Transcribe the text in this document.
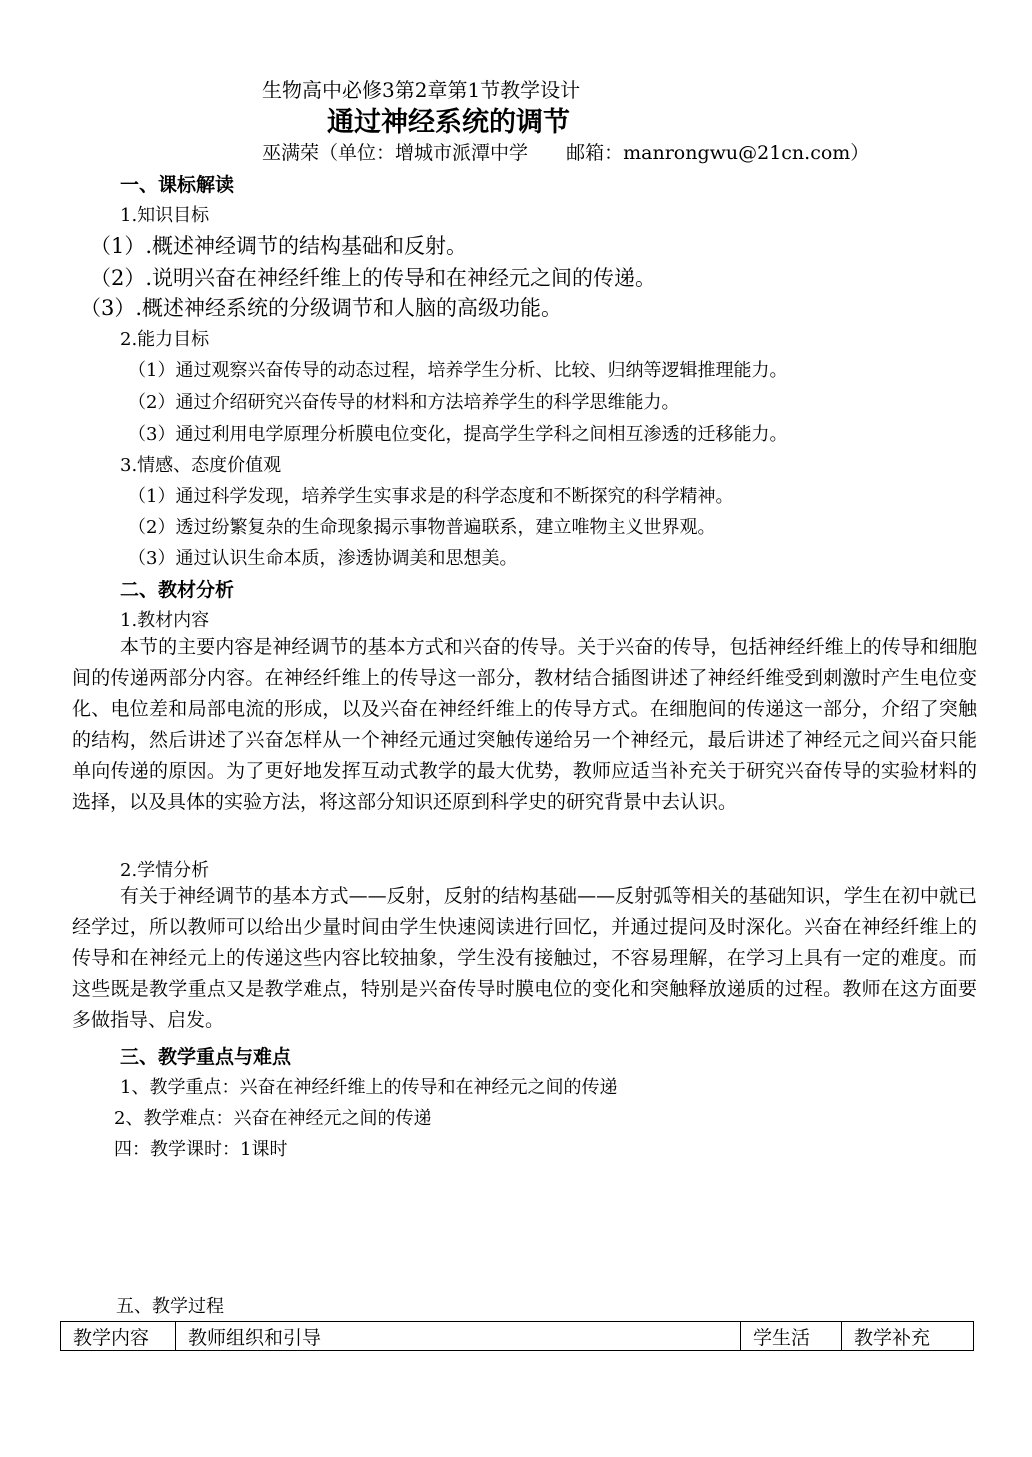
生物高中必修3第2章第1节教学设计
通过神经系统的调节
巫满荣（单位：增城市派潭中学 邮箱：manrongwu@21cn.com）
一、课标解读
1.知识目标
（1）.概述神经调节的结构基础和反射。
（2）.说明兴奋在神经纤维上的传导和在神经元之间的传递。
（3）.概述神经系统的分级调节和人脑的高级功能。
2.能力目标
（1）通过观察兴奋传导的动态过程，培养学生分析、比较、归纳等逻辑推理能力。
（2）通过介绍研究兴奋传导的材料和方法培养学生的科学思维能力。
（3）通过利用电学原理分析膜电位变化，提高学生学科之间相互渗透的迁移能力。
3.情感、态度价值观
（1）通过科学发现，培养学生实事求是的科学态度和不断探究的科学精神。
（2）透过纷繁复杂的生命现象揭示事物普遍联系，建立唯物主义世界观。
（3）通过认识生命本质，渗透协调美和思想美。
二、教材分析
1.教材内容
本节的主要内容是神经调节的基本方式和兴奋的传导。关于兴奋的传导，包括神经纤维上的传导和细胞间的传递两部分内容。在神经纤维上的传导这一部分，教材结合插图讲述了神经纤维受到刺激时产生电位变化、电位差和局部电流的形成，以及兴奋在神经纤维上的传导方式。在细胞间的传递这一部分，介绍了突触的结构，然后讲述了兴奋怎样从一个神经元通过突触传递给另一个神经元，最后讲述了神经元之间兴奋只能单向传递的原因。为了更好地发挥互动式教学的最大优势，教师应适当补充关于研究兴奋传导的实验材料的选择，以及具体的实验方法，将这部分知识还原到科学史的研究背景中去认识。
2.学情分析
有关于神经调节的基本方式——反射，反射的结构基础——反射弧等相关的基础知识，学生在初中就已经学过，所以教师可以给出少量时间由学生快速阅读进行回忆，并通过提问及时深化。兴奋在神经纤维上的传导和在神经元上的传递这些内容比较抽象，学生没有接触过，不容易理解，在学习上具有一定的难度。而这些既是教学重点又是教学难点，特别是兴奋传导时膜电位的变化和突触释放递质的过程。教师在这方面要多做指导、启发。
三、教学重点与难点
1、教学重点：兴奋在神经纤维上的传导和在神经元之间的传递
2、教学难点：兴奋在神经元之间的传递
四：教学课时：1课时
五、教学过程
教学内容	教师组织和引导	学生活	教学补充
